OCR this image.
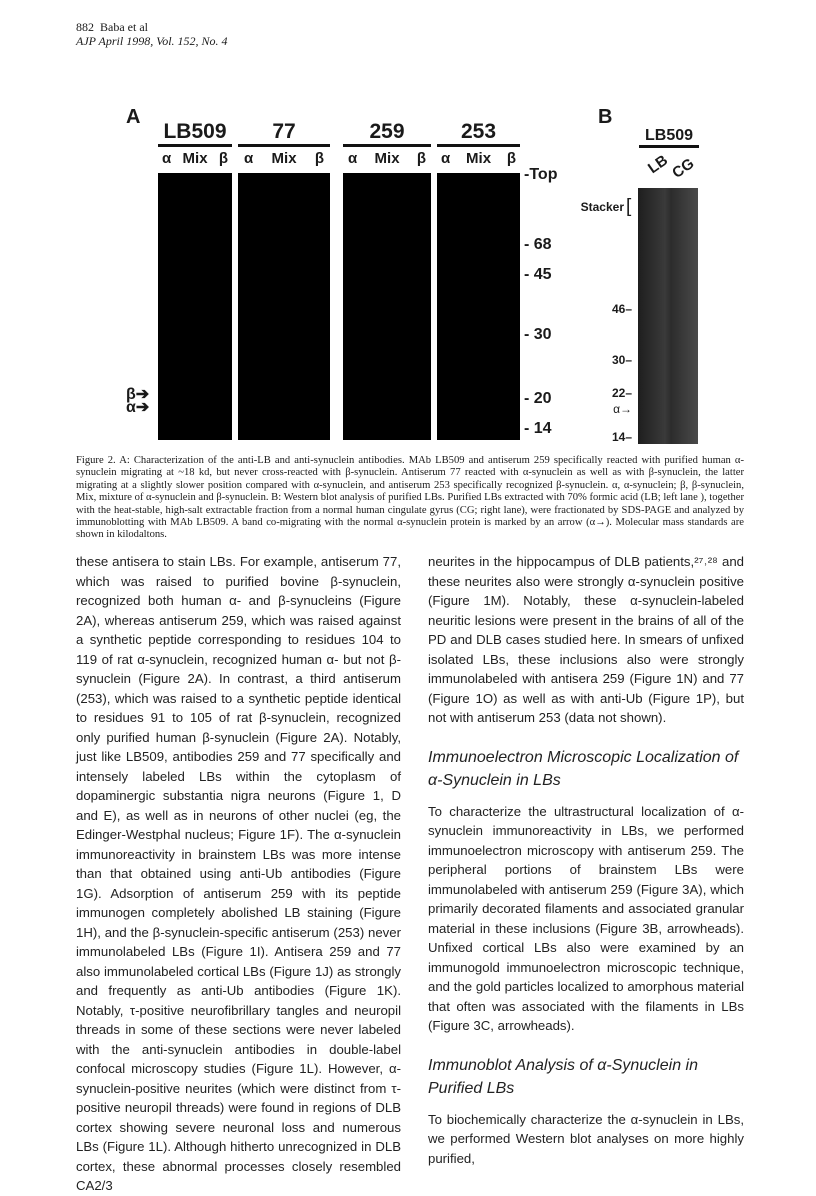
882 Baba et al
AJP April 1998, Vol. 152, No. 4
A	B
LB509
α Mix β
77
α Mix β
259
α Mix β
253
α Mix β
-Top
- 68
- 45
- 30
- 20
- 14
β➔
α➔
LB509
LB
CG
Stacker [
46–
30–
22–
α→
14–
Figure 2. A: Characterization of the anti-LB and anti-synuclein antibodies. MAb LB509 and antiserum 259 specifically reacted with purified human α-synuclein migrating at ~18 kd, but never cross-reacted with β-synuclein. Antiserum 77 reacted with α-synuclein as well as with β-synuclein, the latter migrating at a slightly slower position compared with α-synuclein, and antiserum 253 specifically recognized β-synuclein. α, α-synuclein; β, β-synuclein, Mix, mixture of α-synuclein and β-synuclein. B: Western blot analysis of purified LBs. Purified LBs extracted with 70% formic acid (LB; left lane ), together with the heat-stable, high-salt extractable fraction from a normal human cingulate gyrus (CG; right lane), were fractionated by SDS-PAGE and analyzed by immunoblotting with MAb LB509. A band co-migrating with the normal α-synuclein protein is marked by an arrow (α→). Molecular mass standards are shown in kilodaltons.

these antisera to stain LBs. For example, antiserum 77, which was raised to purified bovine β-synuclein, recognized both human α- and β-synucleins (Figure 2A), whereas antiserum 259, which was raised against a synthetic peptide corresponding to residues 104 to 119 of rat α-synuclein, recognized human α- but not β-synuclein (Figure 2A). In contrast, a third antiserum (253), which was raised to a synthetic peptide identical to residues 91 to 105 of rat β-synuclein, recognized only purified human β-synuclein (Figure 2A). Notably, just like LB509, antibodies 259 and 77 specifically and intensely labeled LBs within the cytoplasm of dopaminergic substantia nigra neurons (Figure 1, D and E), as well as in neurons of other nuclei (eg, the Edinger-Westphal nucleus; Figure 1F). The α-synuclein immunoreactivity in brainstem LBs was more intense than that obtained using anti-Ub antibodies (Figure 1G). Adsorption of antiserum 259 with its peptide immunogen completely abolished LB staining (Figure 1H), and the β-synuclein-specific antiserum (253) never immunolabeled LBs (Figure 1I). Antisera 259 and 77 also immunolabeled cortical LBs (Figure 1J) as strongly and frequently as anti-Ub antibodies (Figure 1K). Notably, τ-positive neurofibrillary tangles and neuropil threads in some of these sections were never labeled with the anti-synuclein antibodies in double-label confocal microscopy studies (Figure 1L). However, α-synuclein-positive neurites (which were distinct from τ-positive neuropil threads) were found in regions of DLB cortex showing severe neuronal loss and numerous LBs (Figure 1L). Although hitherto unrecognized in DLB cortex, these abnormal processes closely resembled CA2/3

neurites in the hippocampus of DLB patients,²⁷˒²⁸ and these neurites also were strongly α-synuclein positive (Figure 1M). Notably, these α-synuclein-labeled neuritic lesions were present in the brains of all of the PD and DLB cases studied here. In smears of unfixed isolated LBs, these inclusions also were strongly immunolabeled with antisera 259 (Figure 1N) and 77 (Figure 1O) as well as with anti-Ub (Figure 1P), but not with antiserum 253 (data not shown).

Immunoelectron Microscopic Localization of α-Synuclein in LBs

To characterize the ultrastructural localization of α-synuclein immunoreactivity in LBs, we performed immunoelectron microscopy with antiserum 259. The peripheral portions of brainstem LBs were immunolabeled with antiserum 259 (Figure 3A), which primarily decorated filaments and associated granular material in these inclusions (Figure 3B, arrowheads). Unfixed cortical LBs also were examined by an immunogold immunoelectron microscopic technique, and the gold particles localized to amorphous material that often was associated with the filaments in LBs (Figure 3C, arrowheads).

Immunoblot Analysis of α-Synuclein in Purified LBs

To biochemically characterize the α-synuclein in LBs, we performed Western blot analyses on more highly purified,
